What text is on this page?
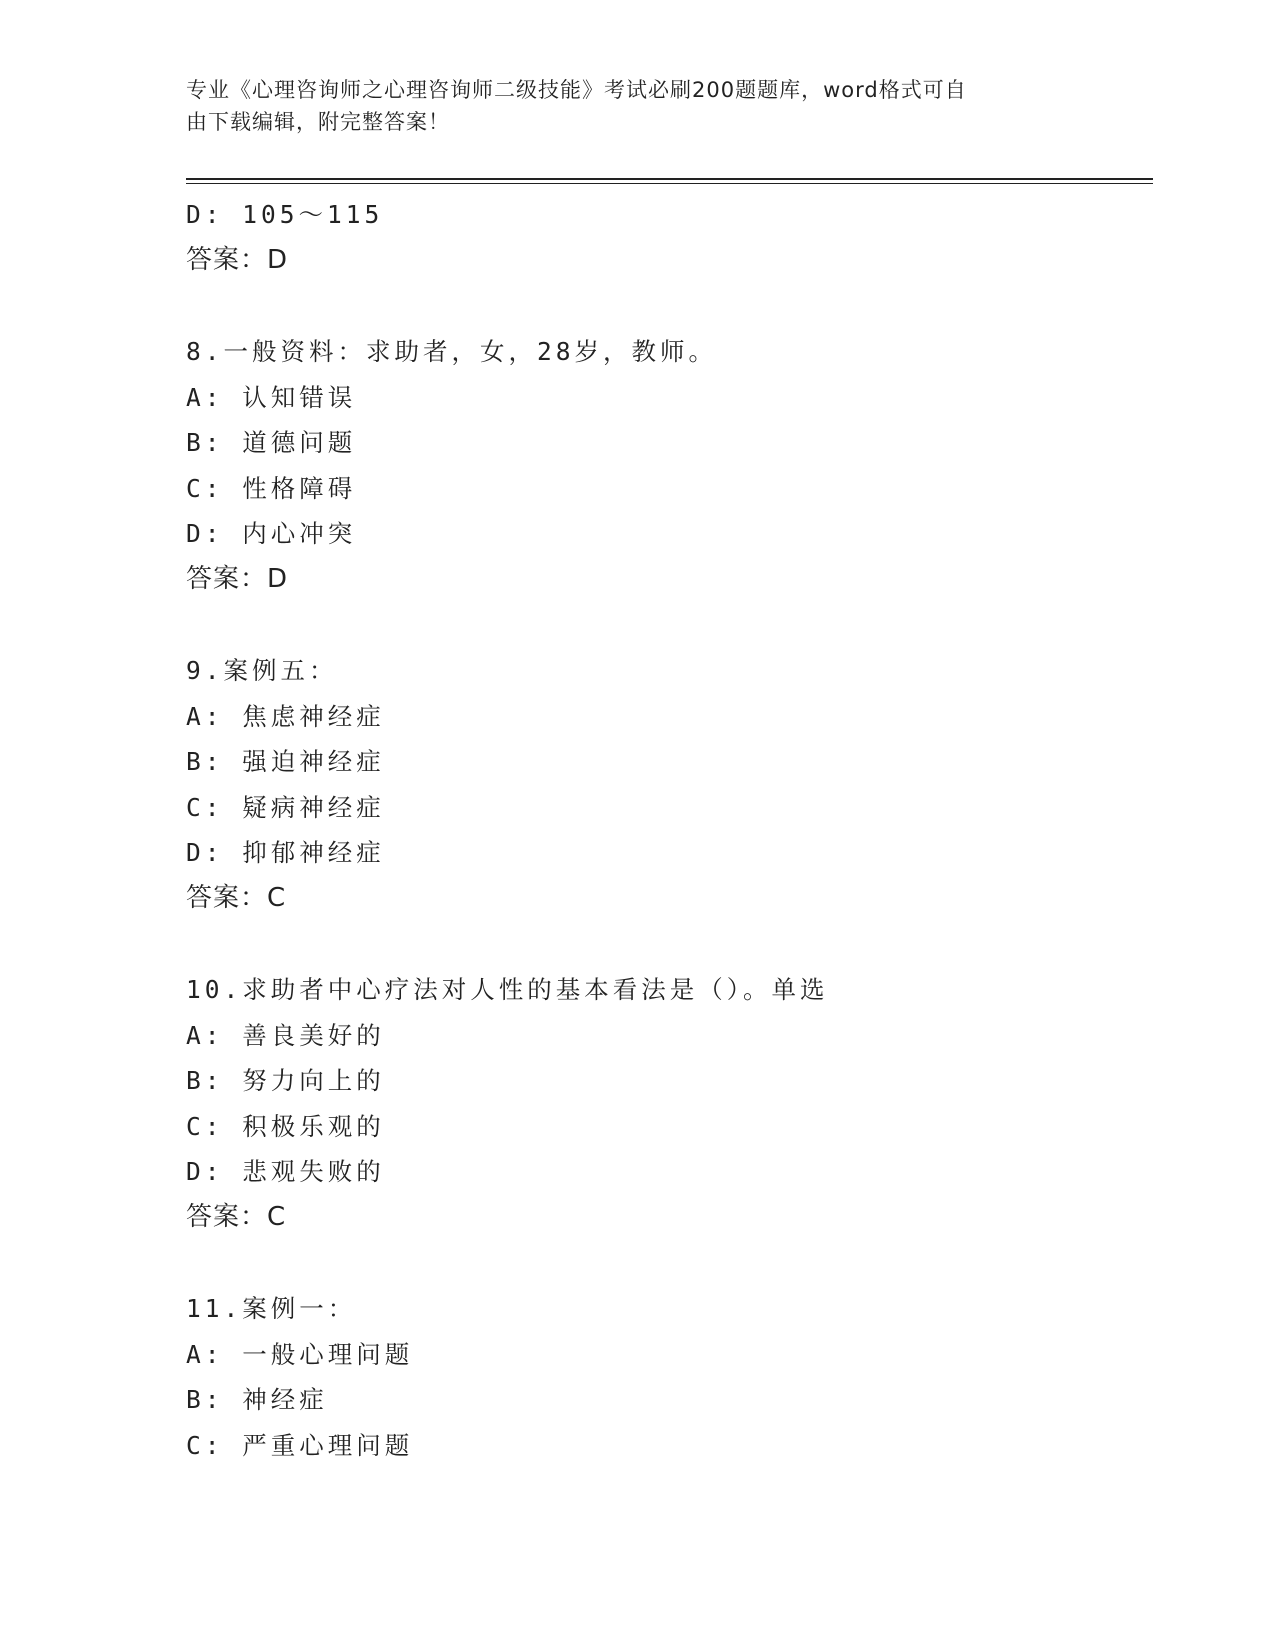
专业《心理咨询师之心理咨询师二级技能》考试必刷200题题库，word格式可自
由下载编辑，附完整答案！
D: 105～115
答案：D
8.一般资料：求助者，女，28岁，教师。
A: 认知错误
B: 道德问题
C: 性格障碍
D: 内心冲突
答案：D
9.案例五：
A: 焦虑神经症
B: 强迫神经症
C: 疑病神经症
D: 抑郁神经症
答案：C
10.求助者中心疗法对人性的基本看法是（）。单选
A: 善良美好的
B: 努力向上的
C: 积极乐观的
D: 悲观失败的
答案：C
11.案例一：
A: 一般心理问题
B: 神经症
C: 严重心理问题
